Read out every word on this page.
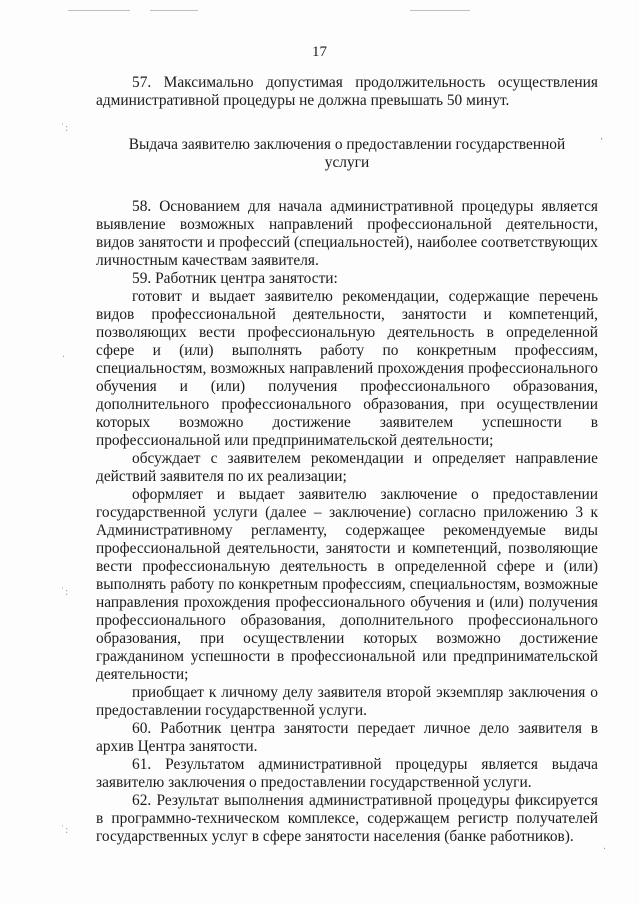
˙:
.
˙:
˙:
,
.
17

57. Максимально допустимая продолжительность осуществления административной процедуры не должна превышать 50 минут.

Выдача заявителю заключения о предоставлении государственной услуги

58. Основанием для начала административной процедуры является выявление возможных направлений профессиональной деятельности, видов занятости и профессий (специальностей), наиболее соответствующих личностным качествам заявителя.

59. Работник центра занятости:

готовит и выдает заявителю рекомендации, содержащие перечень видов профессиональной деятельности, занятости и компетенций, позволяющих вести профессиональную деятельность в определенной сфере и (или) выполнять работу по конкретным профессиям, специальностям, возможных направлений прохождения профессионального обучения и (или) получения профессионального образования, дополнительного профессионального образования, при осуществлении которых возможно достижение заявителем успешности в профессиональной или предпринимательской деятельности;

обсуждает с заявителем рекомендации и определяет направление действий заявителя по их реализации;

оформляет и выдает заявителю заключение о предоставлении государственной услуги (далее – заключение) согласно приложению 3 к Административному регламенту, содержащее рекомендуемые виды профессиональной деятельности, занятости и компетенций, позволяющие вести профессиональную деятельность в определенной сфере и (или) выполнять работу по конкретным профессиям, специальностям, возможные направления прохождения профессионального обучения и (или) получения профессионального образования, дополнительного профессионального образования, при осуществлении которых возможно достижение гражданином успешности в профессиональной или предпринимательской деятельности;

приобщает к личному делу заявителя второй экземпляр заключения о предоставлении государственной услуги.

60. Работник центра занятости передает личное дело заявителя в архив Центра занятости.

61. Результатом административной процедуры является выдача заявителю заключения о предоставлении государственной услуги.

62. Результат выполнения административной процедуры фиксируется в программно-техническом комплексе, содержащем регистр получателей государственных услуг в сфере занятости населения (банке работников).
